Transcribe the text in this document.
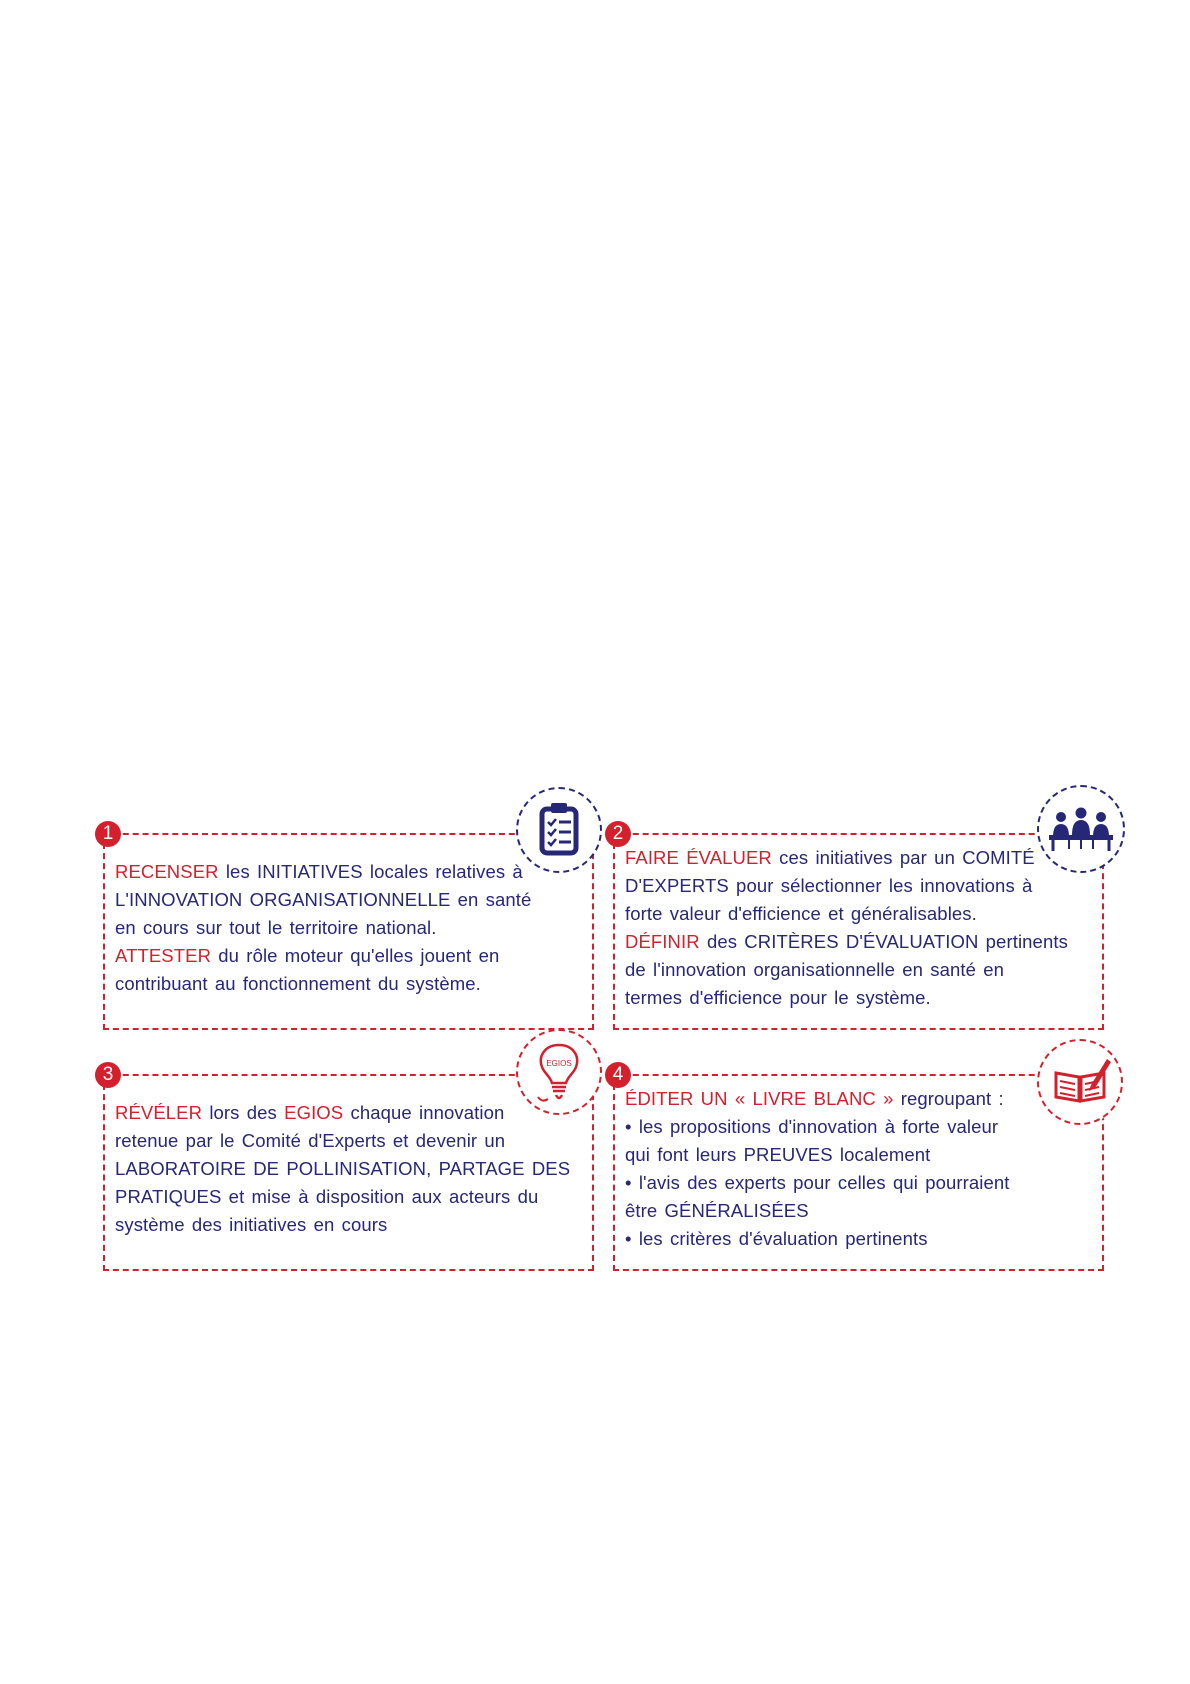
RECENSER les INITIATIVES locales relatives à

L'INNOVATION ORGANISATIONNELLE en santé

en cours sur tout le territoire national.

ATTESTER du rôle moteur qu'elles jouent en

contribuant au fonctionnement du système.

1

FAIRE ÉVALUER ces initiatives par un COMITÉ

D'EXPERTS pour sélectionner les innovations à

forte valeur d'efficience et généralisables.

DÉFINIR des CRITÈRES D'ÉVALUATION pertinents

de l'innovation organisationnelle en santé en

termes d'efficience pour le système.

2

RÉVÉLER lors des EGIOS chaque innovation

retenue par le Comité d'Experts et devenir un

LABORATOIRE DE POLLINISATION, PARTAGE DES

PRATIQUES et mise à disposition aux acteurs du

système des initiatives en cours

3
EGIOS

ÉDITER UN « LIVRE BLANC » regroupant :

• les propositions d'innovation à forte valeur

qui font leurs PREUVES localement

• l'avis des experts pour celles qui pourraient

être GÉNÉRALISÉES

• les critères d'évaluation pertinents

4
